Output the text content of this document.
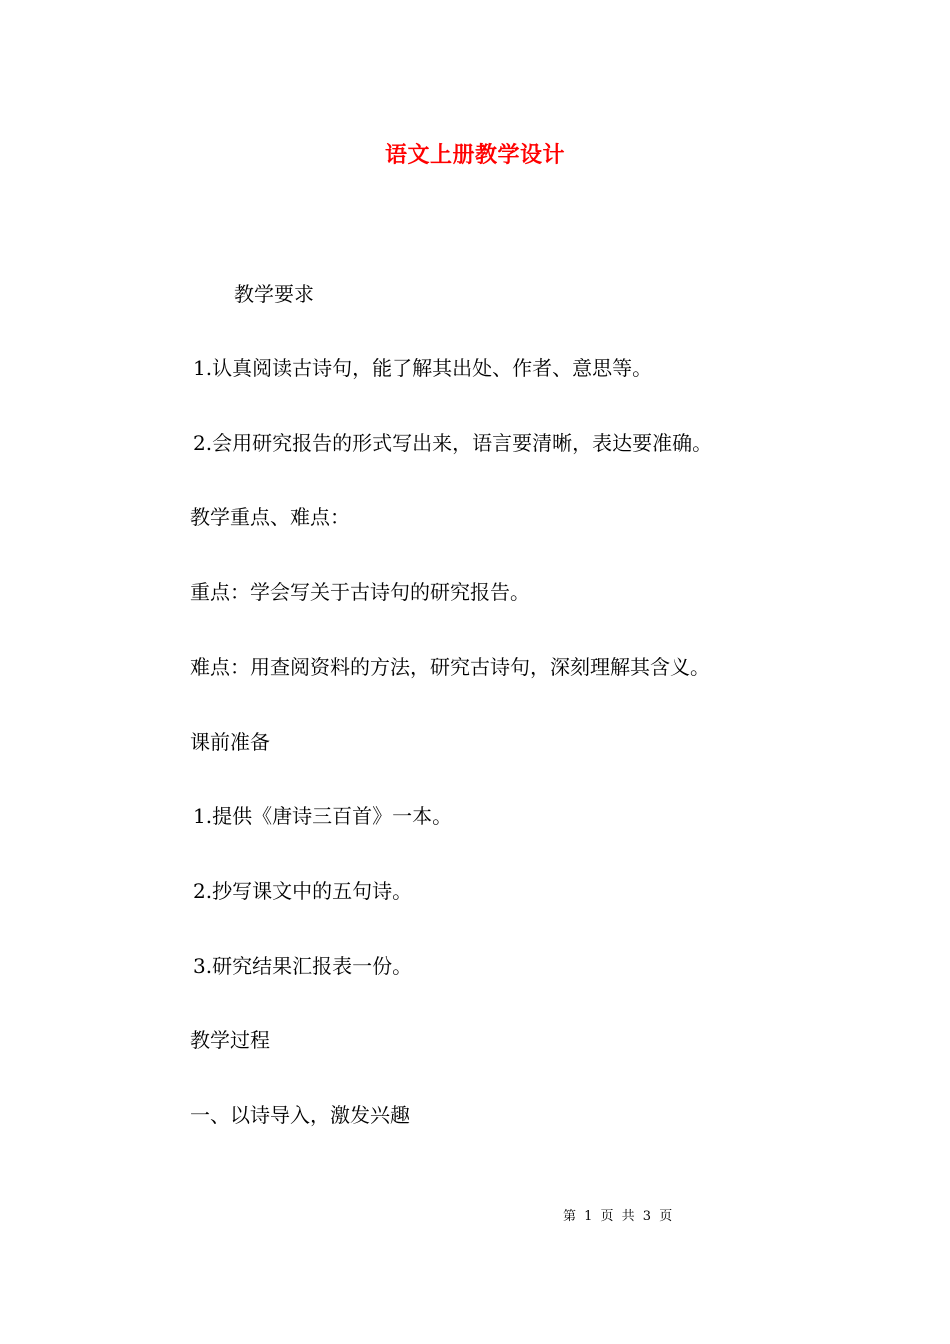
语文上册教学设计
教学要求
1.认真阅读古诗句，能了解其出处、作者、意思等。
2.会用研究报告的形式写出来，语言要清晰，表达要准确。
教学重点、难点：
重点：学会写关于古诗句的研究报告。
难点：用查阅资料的方法，研究古诗句，深刻理解其含义。
课前准备
1.提供《唐诗三百首》一本。
2.抄写课文中的五句诗。
3.研究结果汇报表一份。
教学过程
一、以诗导入，激发兴趣
第 1 页 共 3 页
